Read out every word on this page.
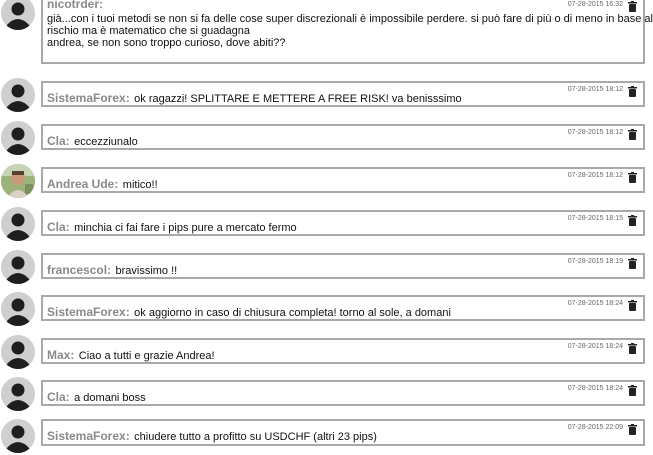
nicotrder:
già...con i tuoi metodi se non si fa delle cose super discrezionali è impossibile perdere. si può fare di più o di meno in base al
rischio ma è matematico che si guadagna
andrea, se non sono troppo curioso, dove abiti??
07-28-2015 16:32
SistemaForex: ok ragazzi! SPLITTARE E METTERE A FREE RISK! va benisssimo
07-28-2015 18:12
Cla: eccezziunalo
07-28-2015 18:12
Andrea Ude: mitico!!
07-28-2015 18:12
Cla: minchia ci fai fare i pips pure a mercato fermo
07-28-2015 18:15
francescol: bravissimo !!
07-28-2015 18:19
SistemaForex: ok aggiorno in caso di chiusura completa! torno al sole, a domani
07-28-2015 18:24
Max: Ciao a tutti e grazie Andrea!
07-28-2015 18:24
Cla: a domani boss
07-28-2015 18:24
SistemaForex: chiudere tutto a profitto su USDCHF (altri 23 pips)
07-28-2015 22:09
